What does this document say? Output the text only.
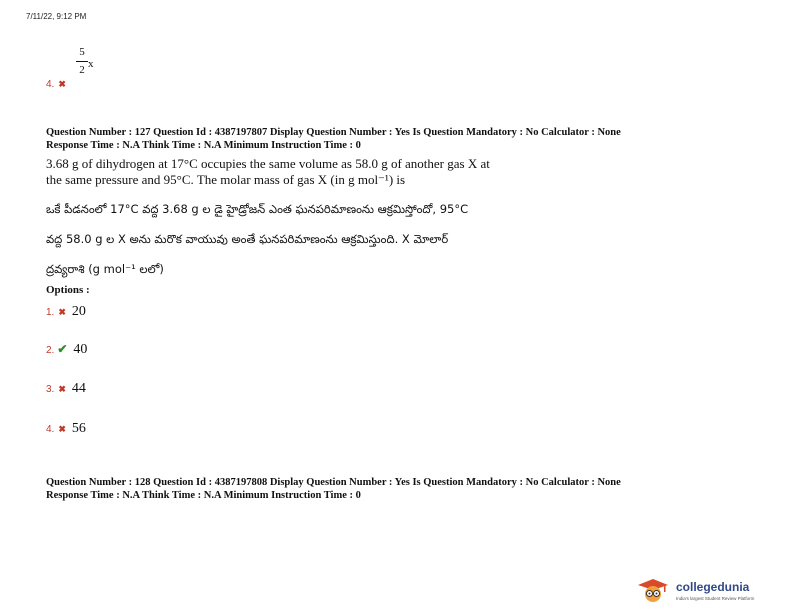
7/11/22, 9:12 PM
5
2 x
4. ✖
Question Number : 127 Question Id : 4387197807 Display Question Number : Yes Is Question Mandatory : No Calculator : None
Response Time : N.A Think Time : N.A Minimum Instruction Time : 0
3.68 g of dihydrogen at 17°C occupies the same volume as 58.0 g of another gas X at
the same pressure and 95°C. The molar mass of gas X (in g mol⁻¹) is
ఒకే పీడనంలో 17°C వద్ద 3.68 g ల డై హైడ్రోజన్ ఎంత ఘనపరిమాణంను ఆక్రమిస్తోందో, 95°C
వద్ద 58.0 g ల X అను మరొక వాయువు అంతే ఘనపరిమాణంను ఆక్రమిస్తుంది. X మోలార్
ద్రవ్యరాశి (g mol⁻¹ లలో)
Options :
1. ✖ 20
2. ✔ 40
3. ✖ 44
4. ✖ 56
Question Number : 128 Question Id : 4387197808 Display Question Number : Yes Is Question Mandatory : No Calculator : None
Response Time : N.A Think Time : N.A Minimum Instruction Time : 0
collegedunia
India's largest Student Review Platform
